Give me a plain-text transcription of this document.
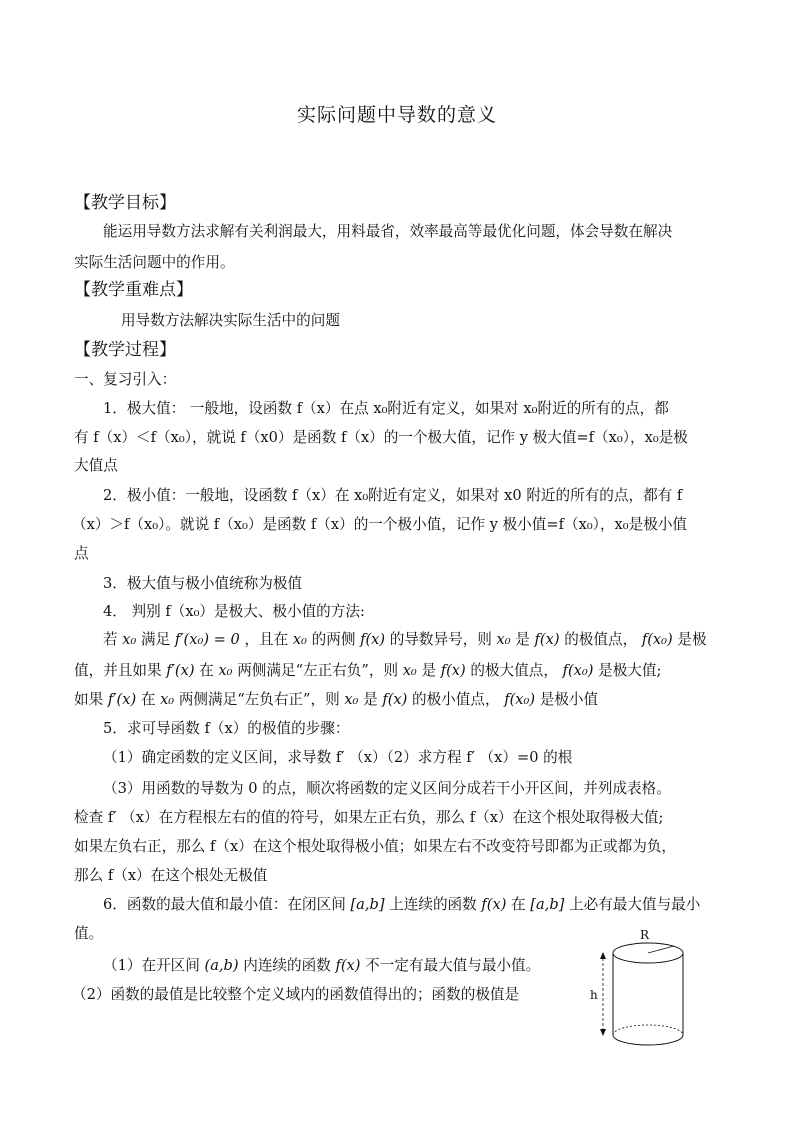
实际问题中导数的意义
【教学目标】
能运用导数方法求解有关利润最大，用料最省，效率最高等最优化问题，体会导数在解决
实际生活问题中的作用。
【教学重难点】
用导数方法解决实际生活中的问题
【教学过程】
一、复习引入：
1．极大值： 一般地，设函数 f（x）在点 x₀附近有定义，如果对 x₀附近的所有的点，都
有 f（x）＜f（x₀），就说 f（x0）是函数 f（x）的一个极大值，记作 y 极大值=f（x₀），x₀是极
大值点
2．极小值：一般地，设函数 f（x）在 x₀附近有定义，如果对 x0 附近的所有的点，都有 f
（x）＞f（x₀）。就说 f（x₀）是函数 f（x）的一个极小值，记作 y 极小值=f（x₀），x₀是极小值
点
3．极大值与极小值统称为极值
4． 判别 f（x₀）是极大、极小值的方法:
若 x₀ 满足 f′(x₀) = 0 ，且在 x₀ 的两侧 f(x) 的导数异号，则 x₀ 是 f(x) 的极值点， f(x₀) 是极
值，并且如果 f′(x) 在 x₀ 两侧满足“左正右负”，则 x₀ 是 f(x) 的极大值点， f(x₀) 是极大值;
如果 f′(x) 在 x₀ 两侧满足“左负右正”，则 x₀ 是 f(x) 的极小值点， f(x₀) 是极小值
5．求可导函数 f（x）的极值的步骤：
（1）确定函数的定义区间，求导数 f′ （x）（2）求方程 f′ （x）=0 的根
（3）用函数的导数为 0 的点，顺次将函数的定义区间分成若干小开区间，并列成表格。
检查 f′ （x）在方程根左右的值的符号，如果左正右负，那么 f（x）在这个根处取得极大值;
如果左负右正，那么 f（x）在这个根处取得极小值；如果左右不改变符号即都为正或都为负，
那么 f（x）在这个根处无极值
6．函数的最大值和最小值：在闭区间 [a,b] 上连续的函数 f(x) 在 [a,b] 上必有最大值与最小
值。
（1）在开区间 (a,b) 内连续的函数 f(x) 不一定有最大值与最小值。
（2）函数的最值是比较整个定义域内的函数值得出的；函数的极值是
R
h
